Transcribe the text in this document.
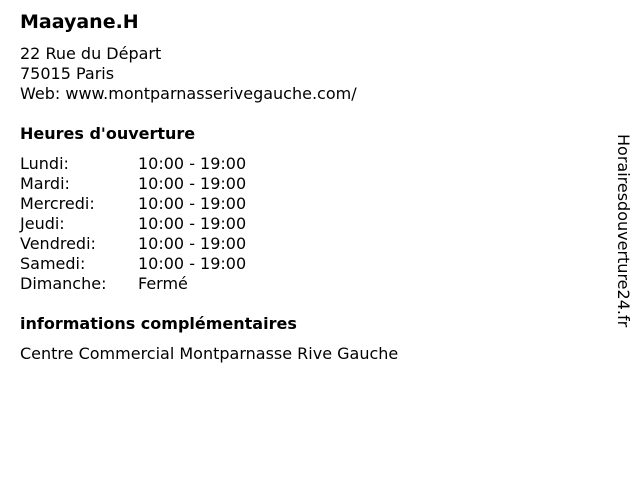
Maayane.H
22 Rue du Départ
75015 Paris
Web: www.montparnasserivegauche.com/
Heures d'ouverture
Lundi:	10:00 - 19:00
Mardi:	10:00 - 19:00
Mercredi:	10:00 - 19:00
Jeudi:	10:00 - 19:00
Vendredi:	10:00 - 19:00
Samedi:	10:00 - 19:00
Dimanche:	Fermé
informations complémentaires
Centre Commercial Montparnasse Rive Gauche
Horairesdouverture24.fr
